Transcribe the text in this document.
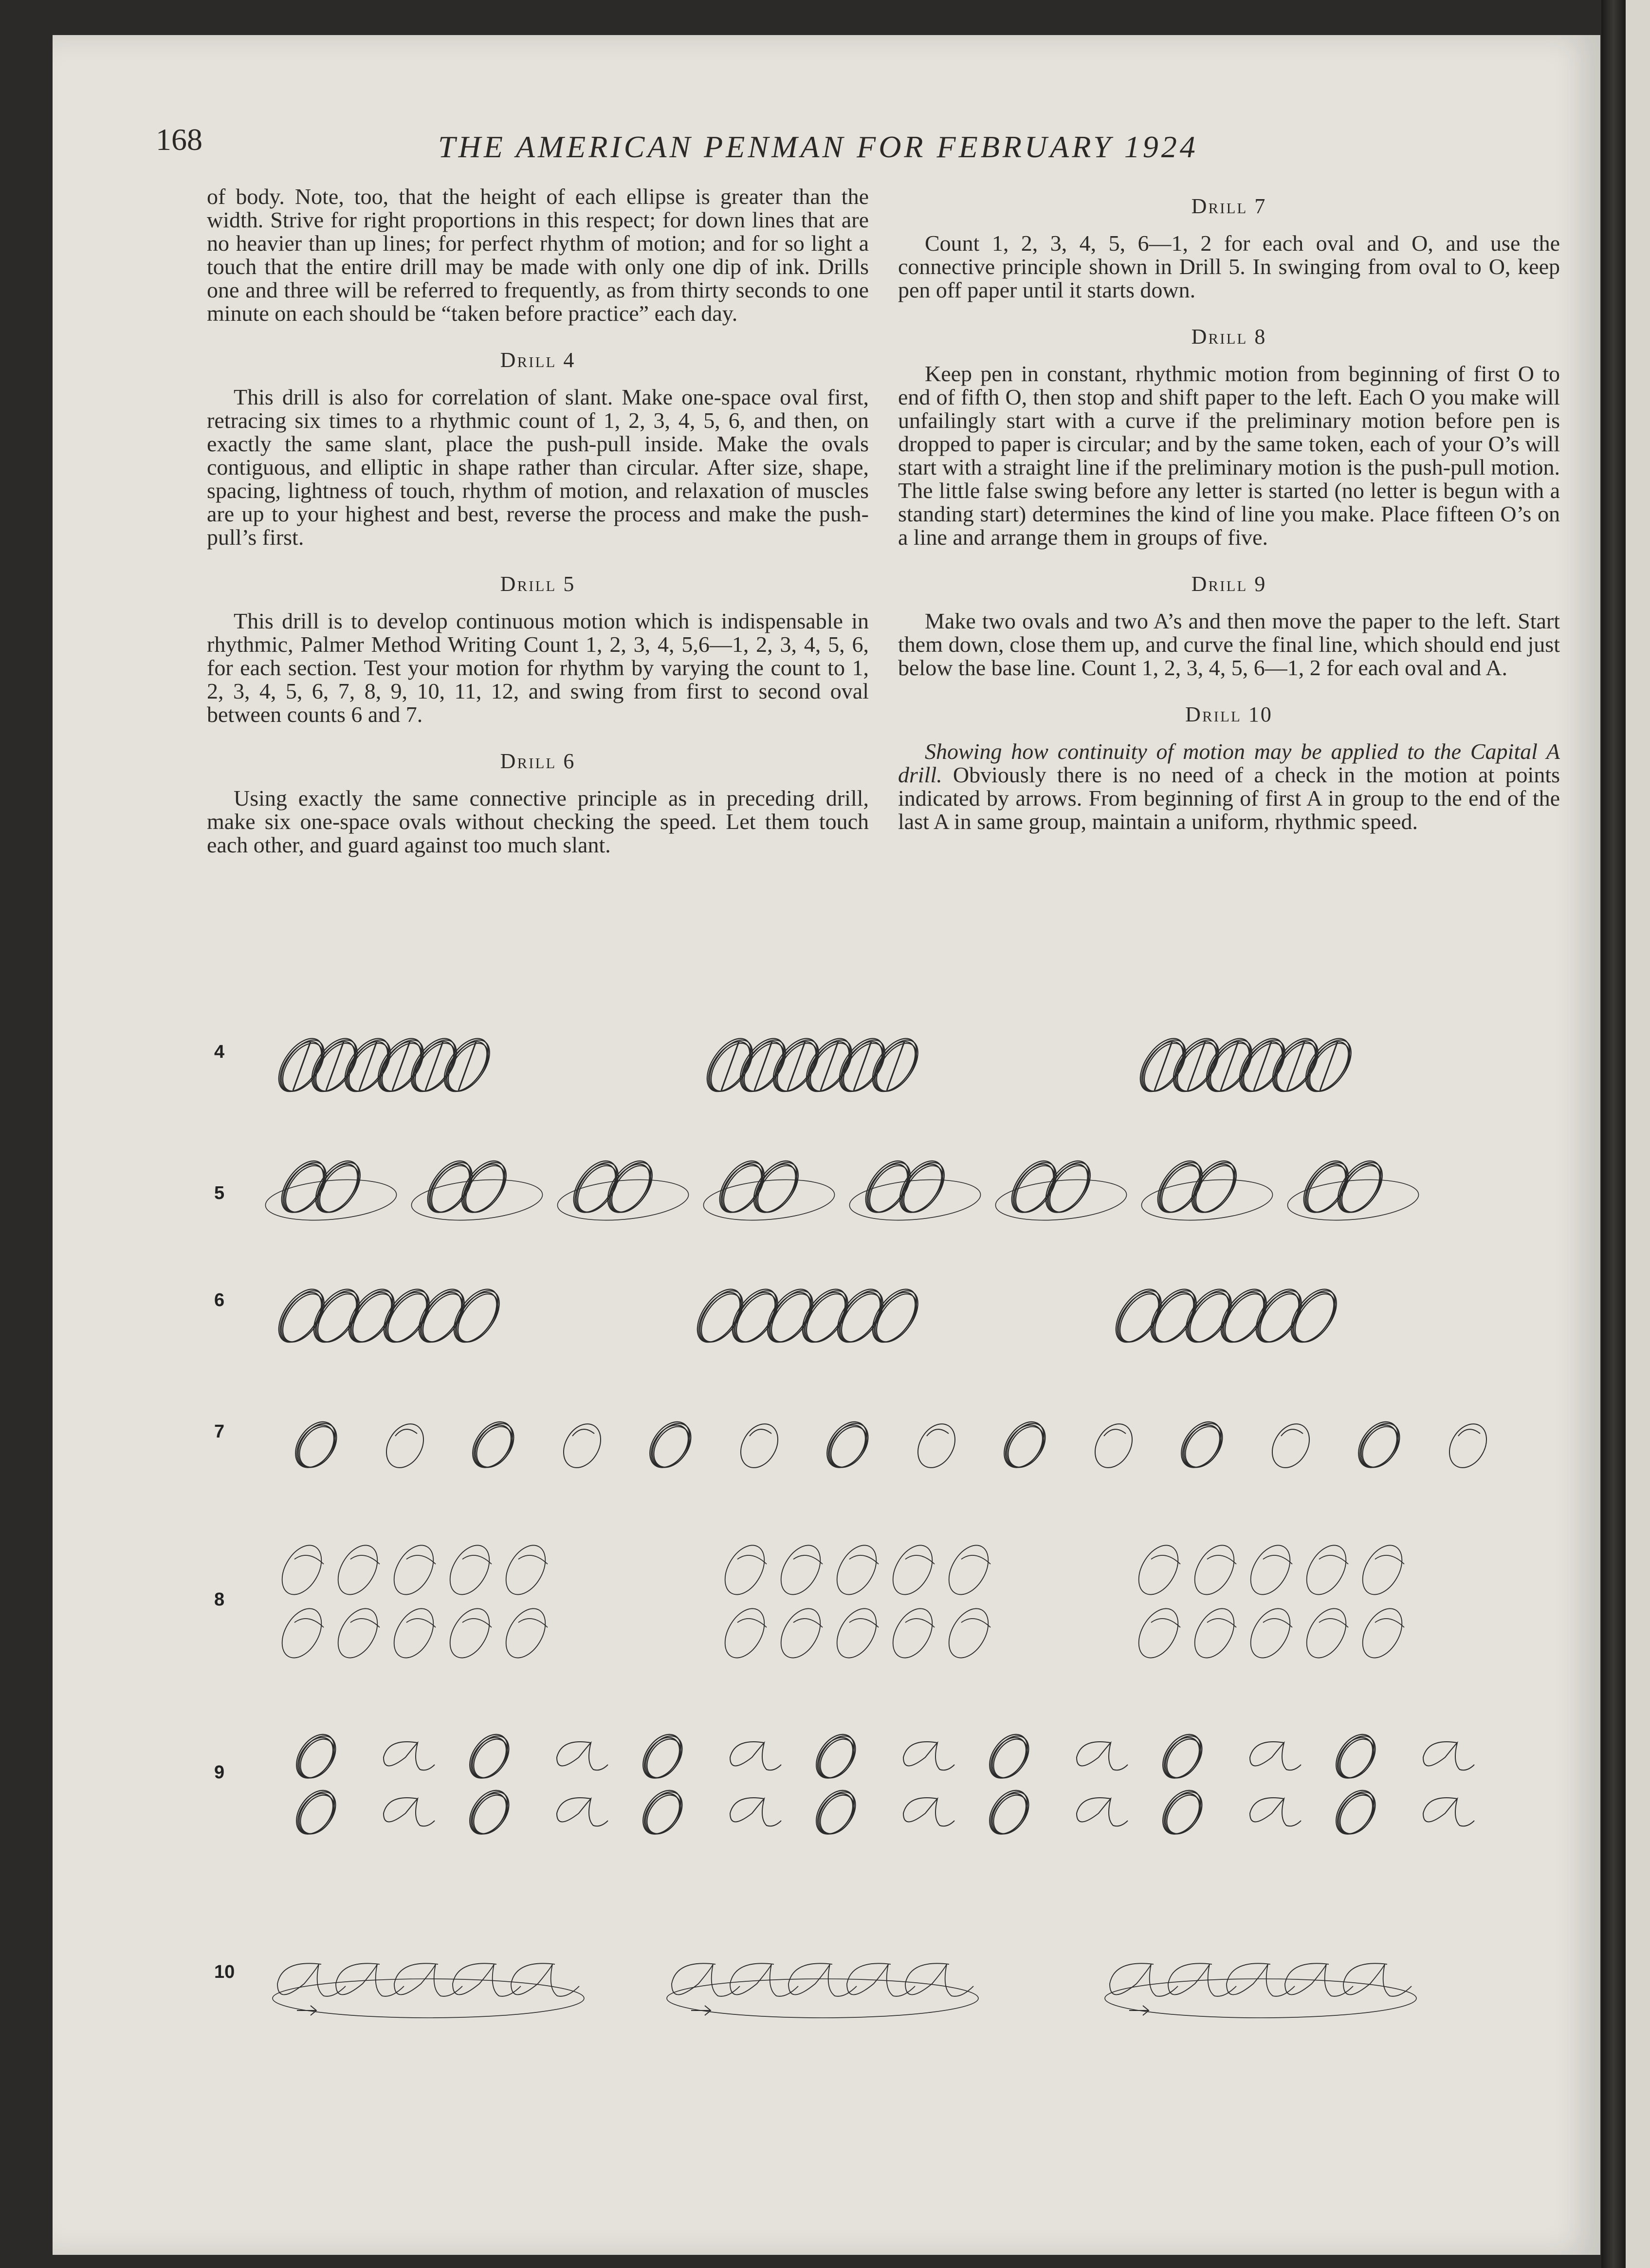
168	THE AMERICAN PENMAN FOR FEBRUARY 1924

of body. Note, too, that the height of each ellipse is greater than the width. Strive for right proportions in this respect; for down lines that are no heavier than up lines; for perfect rhythm of motion; and for so light a touch that the entire drill may be made with only one dip of ink. Drills one and three will be referred to frequently, as from thirty seconds to one minute on each should be “taken before practice” each day.

Drill 4

This drill is also for correlation of slant. Make one-space oval first, retracing six times to a rhythmic count of 1, 2, 3, 4, 5, 6, and then, on exactly the same slant, place the push-pull inside. Make the ovals contiguous, and elliptic in shape rather than circular. After size, shape, spacing, lightness of touch, rhythm of motion, and relaxation of muscles are up to your highest and best, reverse the process and make the push-pull’s first.

Drill 5

This drill is to develop continuous motion which is indispensable in rhythmic, Palmer Method Writing Count 1, 2, 3, 4, 5,6—1, 2, 3, 4, 5, 6, for each section. Test your motion for rhythm by varying the count to 1, 2, 3, 4, 5, 6, 7, 8, 9, 10, 11, 12, and swing from first to second oval between counts 6 and 7.

Drill 6

Using exactly the same connective principle as in preceding drill, make six one-space ovals without checking the speed. Let them touch each other, and guard against too much slant.

Drill 7

Count 1, 2, 3, 4, 5, 6—1, 2 for each oval and O, and use the connective principle shown in Drill 5. In swinging from oval to O, keep pen off paper until it starts down.

Drill 8

Keep pen in constant, rhythmic motion from beginning of first O to end of fifth O, then stop and shift paper to the left. Each O you make will unfailingly start with a curve if the preliminary motion before pen is dropped to paper is circular; and by the same token, each of your O’s will start with a straight line if the preliminary motion is the push-pull motion. The little false swing before any letter is started (no letter is begun with a standing start) determines the kind of line you make. Place fifteen O’s on a line and arrange them in groups of five.

Drill 9

Make two ovals and two A’s and then move the paper to the left. Start them down, close them up, and curve the final line, which should end just below the base line. Count 1, 2, 3, 4, 5, 6—1, 2 for each oval and A.

Drill 10

Showing how continuity of motion may be applied to the Capital A drill. Obviously there is no need of a check in the motion at points indicated by arrows. From beginning of first A in group to the end of the last A in same group, maintain a uniform, rhythmic speed.

4
5
6
7
8
9
10
